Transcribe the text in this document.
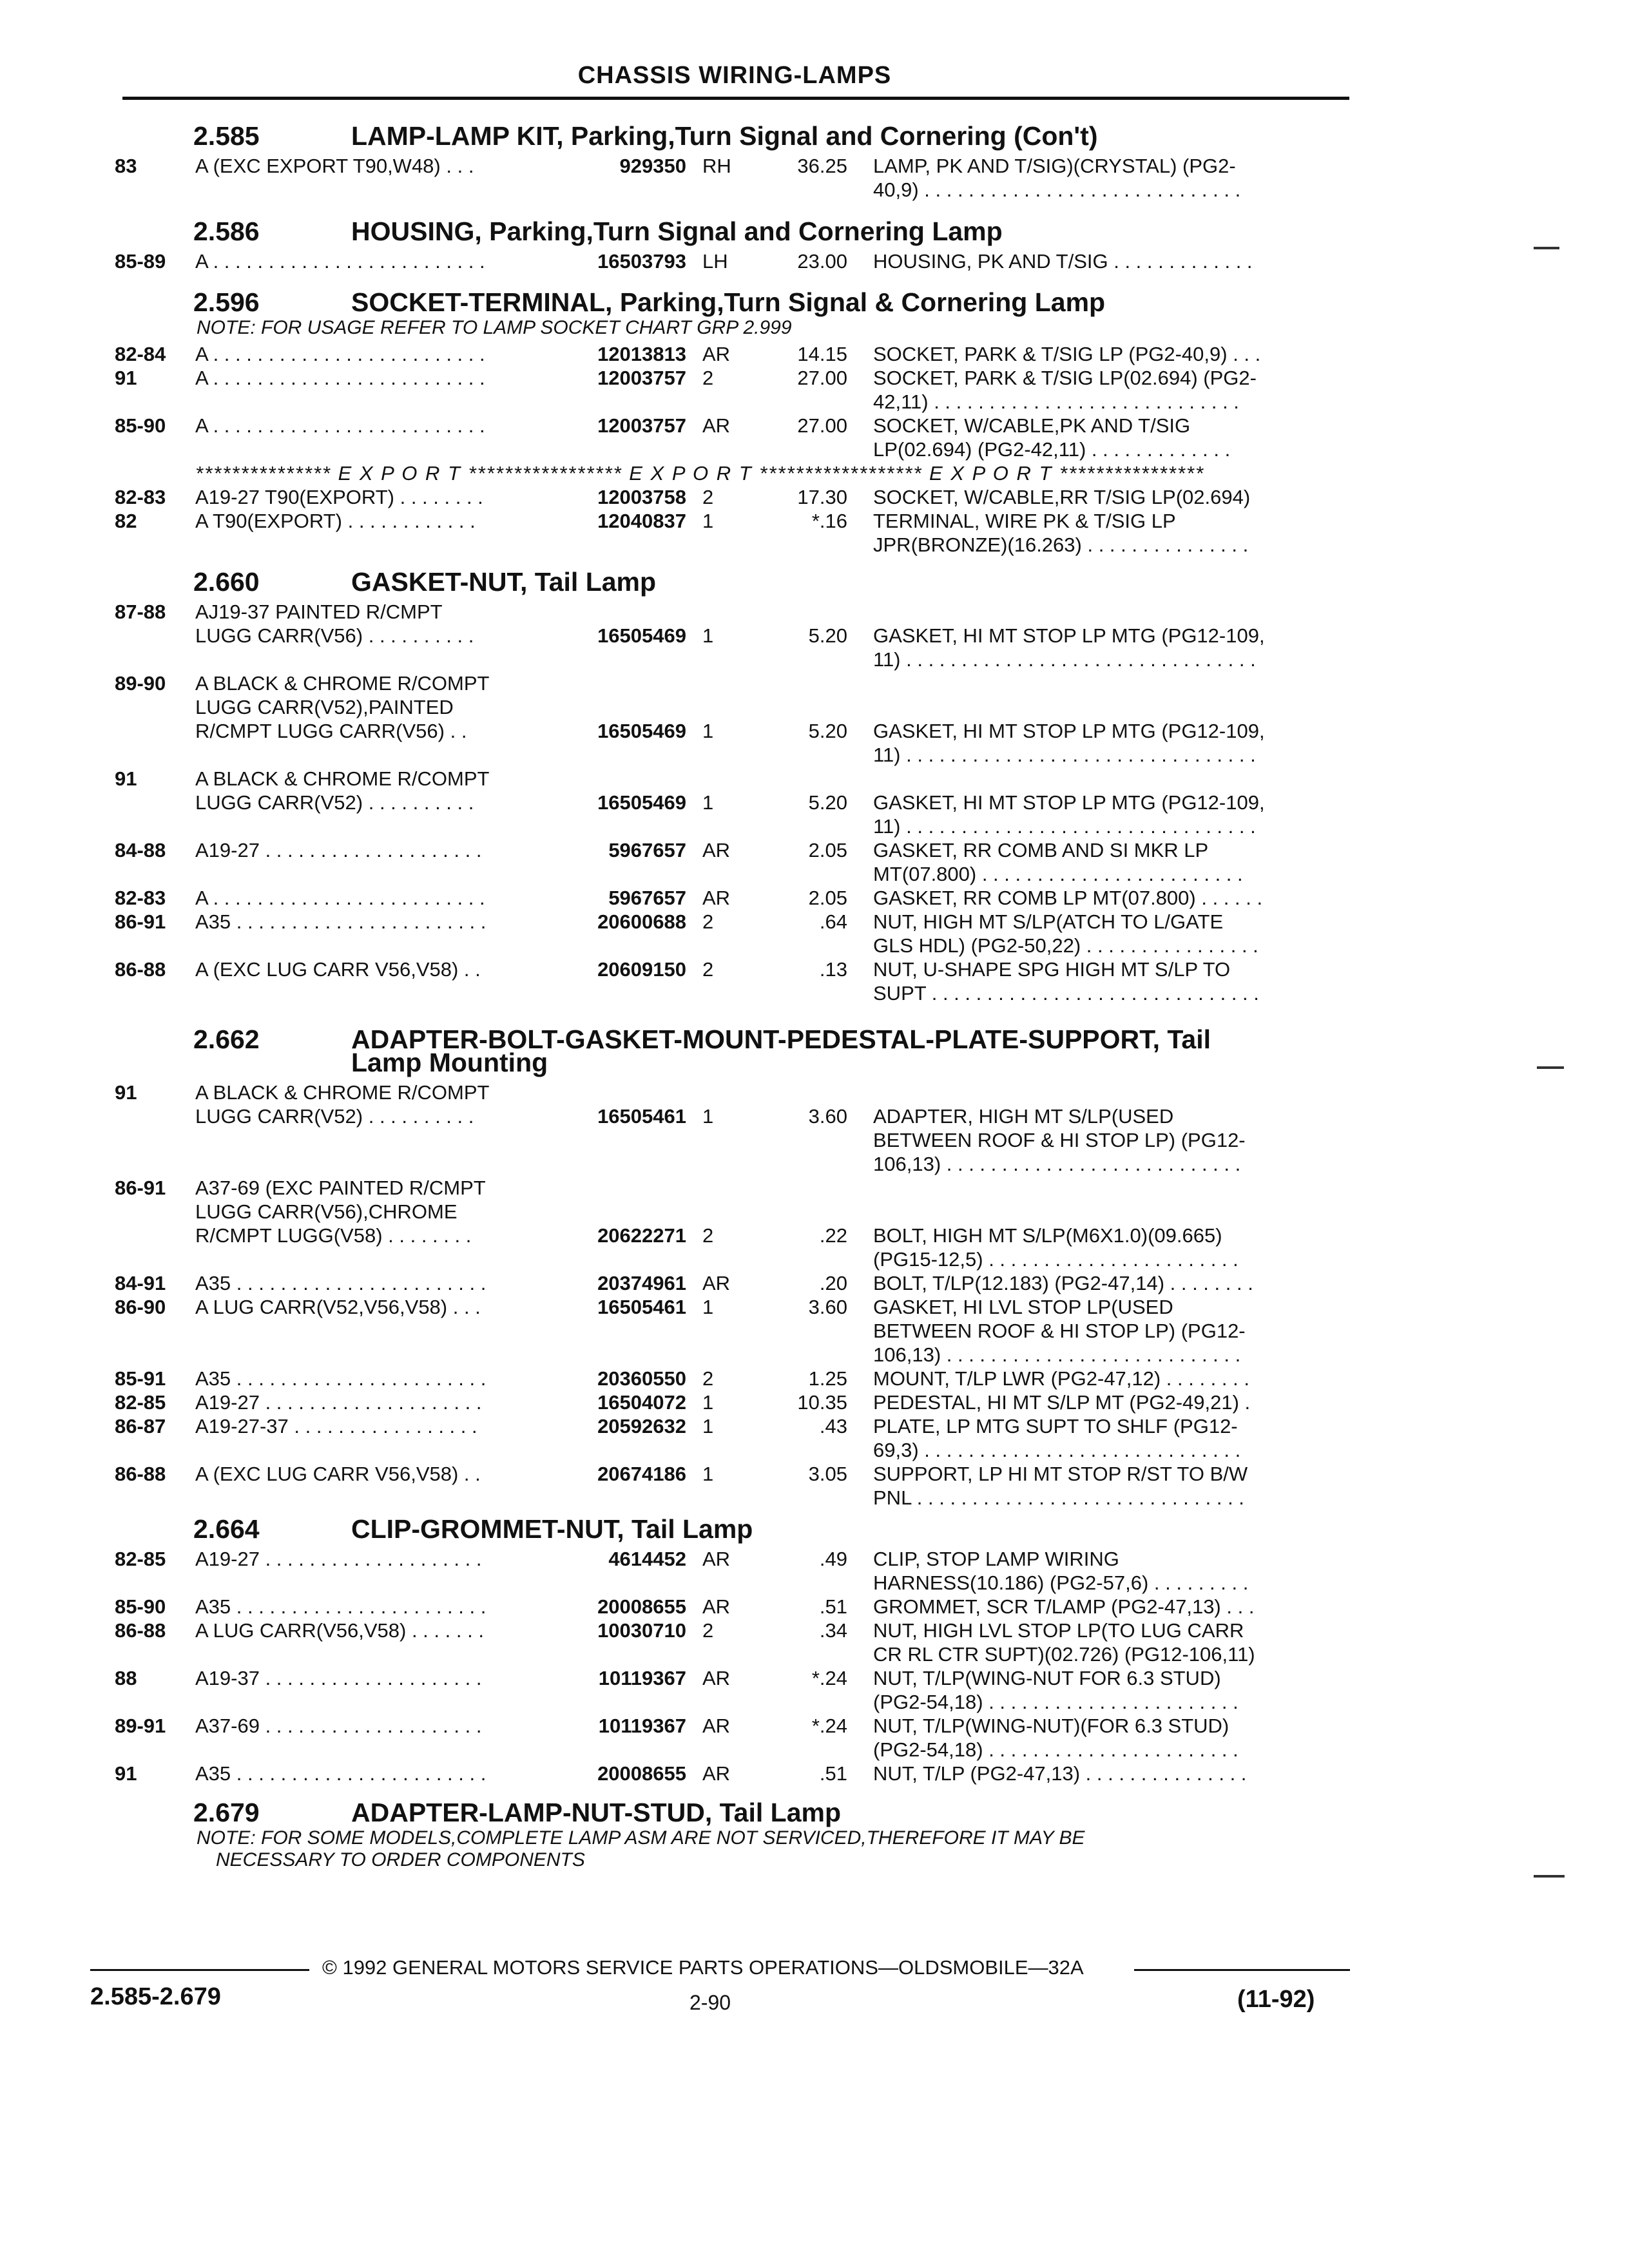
CHASSIS WIRING-LAMPS
2.585	LAMP-LAMP KIT, Parking,Turn Signal and Cornering (Con't)
83	A (EXC EXPORT T90,W48) . . .	929350 RH	36.25 LAMP, PK AND T/SIG)(CRYSTAL) (PG2-
40,9) . . . . . . . . . . . . . . . . . . . . . . . . . . . . .
2.586	HOUSING, Parking,Turn Signal and Cornering Lamp
85-89	A . . . . . . . . . . . . . . . . . . . . . . . . .	16503793 LH	23.00 HOUSING, PK AND T/SIG . . . . . . . . . . . . .
2.596	SOCKET-TERMINAL, Parking,Turn Signal & Cornering Lamp
NOTE: FOR USAGE REFER TO LAMP SOCKET CHART GRP 2.999
82-84	A . . . . . . . . . . . . . . . . . . . . . . . . .	12013813 AR	14.15 SOCKET, PARK & T/SIG LP (PG2-40,9) . . .
91	A . . . . . . . . . . . . . . . . . . . . . . . . .	12003757 2	27.00 SOCKET, PARK & T/SIG LP(02.694) (PG2-
42,11) . . . . . . . . . . . . . . . . . . . . . . . . . . . .
85-90	A . . . . . . . . . . . . . . . . . . . . . . . . .	12003757 AR	27.00 SOCKET, W/CABLE,PK AND T/SIG
LP(02.694) (PG2-42,11) . . . . . . . . . . . . .
*************** E X P O R T ***************** E X P O R T ****************** E X P O R T ****************
82-83	A19-27 T90(EXPORT) . . . . . . . .	12003758 2	17.30 SOCKET, W/CABLE,RR T/SIG LP(02.694)
82	A T90(EXPORT) . . . . . . . . . . . .	12040837 1	*.16 TERMINAL, WIRE PK & T/SIG LP
JPR(BRONZE)(16.263) . . . . . . . . . . . . . . .
2.660	GASKET-NUT, Tail Lamp
87-88	AJ19-37 PAINTED R/CMPT
LUGG CARR(V56) . . . . . . . . . .	16505469 1	5.20 GASKET, HI MT STOP LP MTG (PG12-109,
11) . . . . . . . . . . . . . . . . . . . . . . . . . . . . . . . .
89-90	A BLACK & CHROME R/COMPT
LUGG CARR(V52),PAINTED
R/CMPT LUGG CARR(V56) . .	16505469 1	5.20 GASKET, HI MT STOP LP MTG (PG12-109,
11) . . . . . . . . . . . . . . . . . . . . . . . . . . . . . . . .
91	A BLACK & CHROME R/COMPT
LUGG CARR(V52) . . . . . . . . . .	16505469 1	5.20 GASKET, HI MT STOP LP MTG (PG12-109,
11) . . . . . . . . . . . . . . . . . . . . . . . . . . . . . . . .
84-88	A19-27 . . . . . . . . . . . . . . . . . . . .	5967657 AR	2.05 GASKET, RR COMB AND SI MKR LP
MT(07.800) . . . . . . . . . . . . . . . . . . . . . . . .
82-83	A . . . . . . . . . . . . . . . . . . . . . . . . .	5967657 AR	2.05 GASKET, RR COMB LP MT(07.800) . . . . . .
86-91	A35 . . . . . . . . . . . . . . . . . . . . . . .	20600688 2	.64 NUT, HIGH MT S/LP(ATCH TO L/GATE
GLS HDL) (PG2-50,22) . . . . . . . . . . . . . . . .
86-88	A (EXC LUG CARR V56,V58) . .	20609150 2	.13 NUT, U-SHAPE SPG HIGH MT S/LP TO
SUPT . . . . . . . . . . . . . . . . . . . . . . . . . . . . . .
2.662	ADAPTER-BOLT-GASKET-MOUNT-PEDESTAL-PLATE-SUPPORT, Tail
Lamp Mounting
91	A BLACK & CHROME R/COMPT
LUGG CARR(V52) . . . . . . . . . .	16505461 1	3.60 ADAPTER, HIGH MT S/LP(USED
BETWEEN ROOF & HI STOP LP) (PG12-
106,13) . . . . . . . . . . . . . . . . . . . . . . . . . . .
86-91	A37-69 (EXC PAINTED R/CMPT
LUGG CARR(V56),CHROME
R/CMPT LUGG(V58) . . . . . . . .	20622271 2	.22 BOLT, HIGH MT S/LP(M6X1.0)(09.665)
(PG15-12,5) . . . . . . . . . . . . . . . . . . . . . . .
84-91	A35 . . . . . . . . . . . . . . . . . . . . . . .	20374961 AR	.20 BOLT, T/LP(12.183) (PG2-47,14) . . . . . . . .
86-90	A LUG CARR(V52,V56,V58) . . .	16505461 1	3.60 GASKET, HI LVL STOP LP(USED
BETWEEN ROOF & HI STOP LP) (PG12-
106,13) . . . . . . . . . . . . . . . . . . . . . . . . . . .
85-91	A35 . . . . . . . . . . . . . . . . . . . . . . .	20360550 2	1.25 MOUNT, T/LP LWR (PG2-47,12) . . . . . . . .
82-85	A19-27 . . . . . . . . . . . . . . . . . . . .	16504072 1	10.35 PEDESTAL, HI MT S/LP MT (PG2-49,21) .
86-87	A19-27-37 . . . . . . . . . . . . . . . . .	20592632 1	.43 PLATE, LP MTG SUPT TO SHLF (PG12-
69,3) . . . . . . . . . . . . . . . . . . . . . . . . . . . . .
86-88	A (EXC LUG CARR V56,V58) . .	20674186 1	3.05 SUPPORT, LP HI MT STOP R/ST TO B/W
PNL . . . . . . . . . . . . . . . . . . . . . . . . . . . . . .
2.664	CLIP-GROMMET-NUT, Tail Lamp
82-85	A19-27 . . . . . . . . . . . . . . . . . . . .	4614452 AR	.49 CLIP, STOP LAMP WIRING
HARNESS(10.186) (PG2-57,6) . . . . . . . . .
85-90	A35 . . . . . . . . . . . . . . . . . . . . . . .	20008655 AR	.51 GROMMET, SCR T/LAMP (PG2-47,13) . . .
86-88	A LUG CARR(V56,V58) . . . . . . .	10030710 2	.34 NUT, HIGH LVL STOP LP(TO LUG CARR
CR RL CTR SUPT)(02.726) (PG12-106,11)
88	A19-37 . . . . . . . . . . . . . . . . . . . .	10119367 AR	*.24 NUT, T/LP(WING-NUT FOR 6.3 STUD)
(PG2-54,18) . . . . . . . . . . . . . . . . . . . . . . .
89-91	A37-69 . . . . . . . . . . . . . . . . . . . .	10119367 AR	*.24 NUT, T/LP(WING-NUT)(FOR 6.3 STUD)
(PG2-54,18) . . . . . . . . . . . . . . . . . . . . . . .
91	A35 . . . . . . . . . . . . . . . . . . . . . . .	20008655 AR	.51 NUT, T/LP (PG2-47,13) . . . . . . . . . . . . . . .
2.679	ADAPTER-LAMP-NUT-STUD, Tail Lamp
NOTE: FOR SOME MODELS,COMPLETE LAMP ASM ARE NOT SERVICED,THEREFORE IT MAY BE
NECESSARY TO ORDER COMPONENTS
© 1992 GENERAL MOTORS SERVICE PARTS OPERATIONS—OLDSMOBILE—32A
2.585-2.679	2-90	(11-92)
